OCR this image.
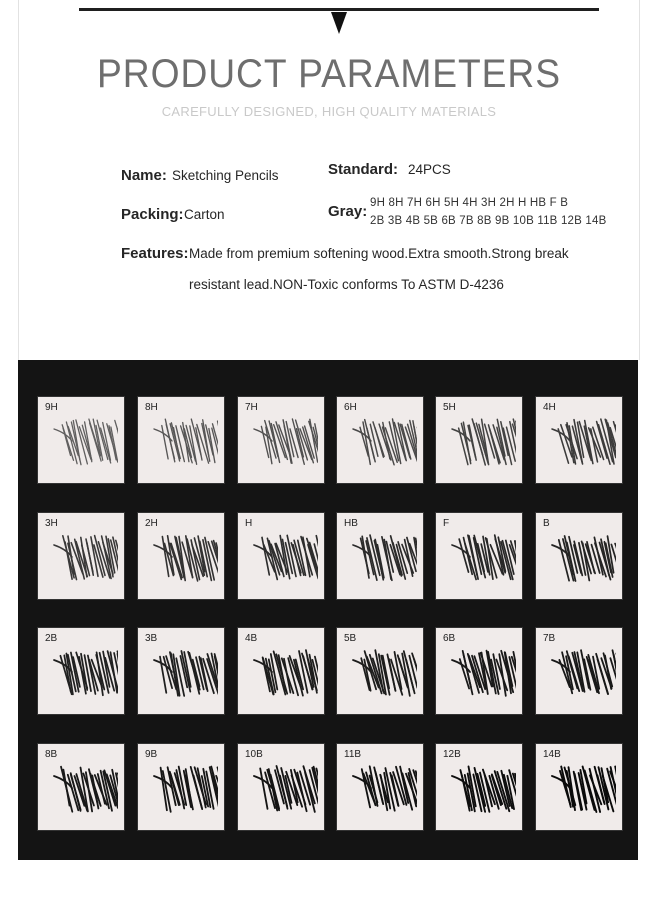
PRODUCT PARAMETERS
CAREFULLY DESIGNED, HIGH QUALITY MATERIALS
Name: Sketching Pencils	Standard: 24PCS
Packing: Carton	Gray: 9H 8H 7H 6H 5H 4H 3H 2H H HB F B
2B 3B 4B 5B 6B 7B 8B 9B 10B 11B 12B 14B
Features: Made from premium softening wood.Extra smooth.Strong break
resistant lead.NON-Toxic conforms To ASTM D-4236
9H	8H	7H	6H	5H	4H
3H	2H	H	HB	F	B
2B	3B	4B	5B	6B	7B
8B	9B	10B	11B	12B	14B
